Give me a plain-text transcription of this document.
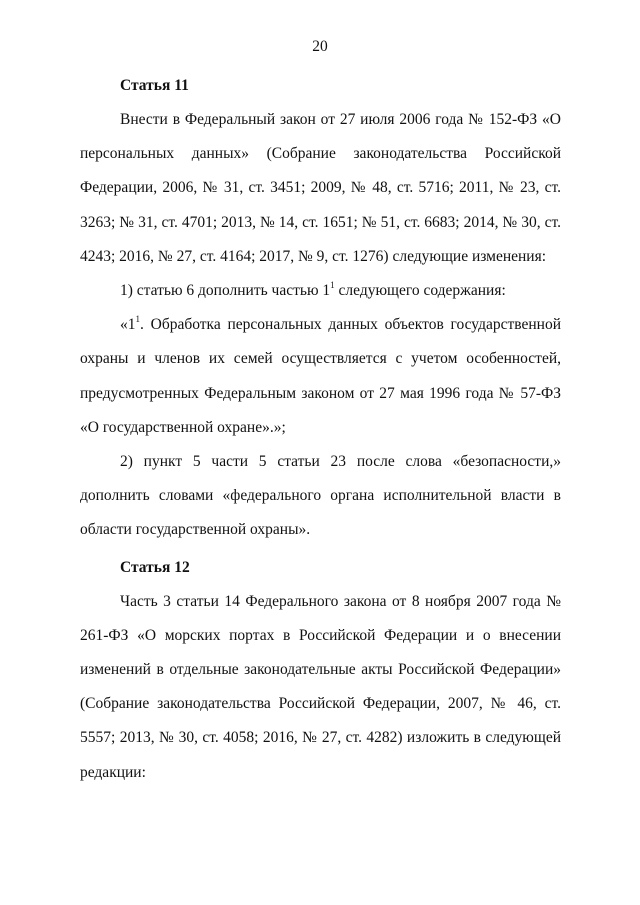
20
Статья 11

Внести в Федеральный закон от 27 июля 2006 года № 152-ФЗ «О персональных данных» (Собрание законодательства Российской Федерации, 2006, № 31, ст. 3451; 2009, № 48, ст. 5716; 2011, № 23, ст. 3263; № 31, ст. 4701; 2013, № 14, ст. 1651; № 51, ст. 6683; 2014, № 30, ст. 4243; 2016, № 27, ст. 4164; 2017, № 9, ст. 1276) следующие изменения:

1) статью 6 дополнить частью $1^1$ следующего содержания:

«$1^1$. Обработка персональных данных объектов государственной охраны и членов их семей осуществляется с учетом особенностей, предусмотренных Федеральным законом от 27 мая 1996 года № 57-ФЗ «О государственной охране».»;

2) пункт 5 части 5 статьи 23 после слова «безопасности,» дополнить словами «федерального органа исполнительной власти в области государственной охраны».

Статья 12

Часть 3 статьи 14 Федерального закона от 8 ноября 2007 года № 261-ФЗ «О морских портах в Российской Федерации и о внесении изменений в отдельные законодательные акты Российской Федерации» (Собрание законодательства Российской Федерации, 2007, № 46, ст. 5557; 2013, № 30, ст. 4058; 2016, № 27, ст. 4282) изложить в следующей редакции:
